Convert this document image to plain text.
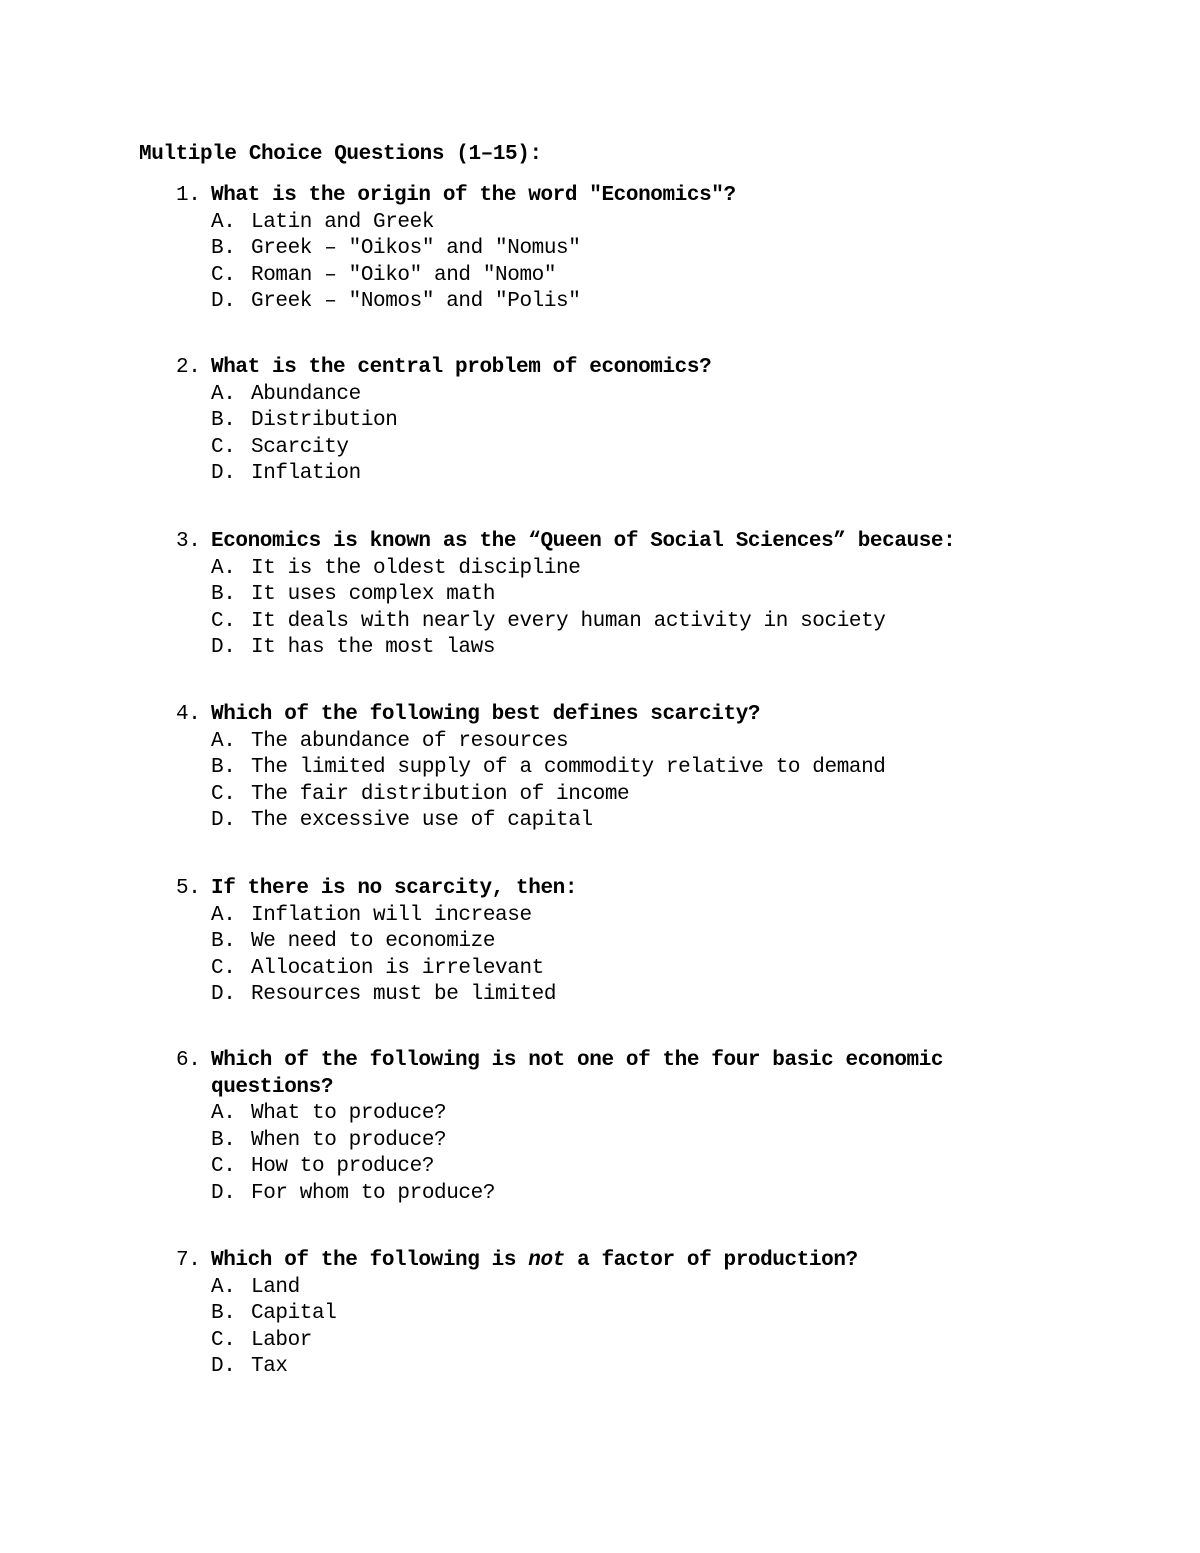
Multiple Choice Questions (1–15):
1. What is the origin of the word "Economics"?
A. Latin and Greek
B. Greek – "Oikos" and "Nomus"
C. Roman – "Oiko" and "Nomo"
D. Greek – "Nomos" and "Polis"
2. What is the central problem of economics?
A. Abundance
B. Distribution
C. Scarcity
D. Inflation
3. Economics is known as the “Queen of Social Sciences” because:
A. It is the oldest discipline
B. It uses complex math
C. It deals with nearly every human activity in society
D. It has the most laws
4. Which of the following best defines scarcity?
A. The abundance of resources
B. The limited supply of a commodity relative to demand
C. The fair distribution of income
D. The excessive use of capital
5. If there is no scarcity, then:
A. Inflation will increase
B. We need to economize
C. Allocation is irrelevant
D. Resources must be limited
6. Which of the following is not one of the four basic economic questions?
A. What to produce?
B. When to produce?
C. How to produce?
D. For whom to produce?
7. Which of the following is not a factor of production?
A. Land
B. Capital
C. Labor
D. Tax
